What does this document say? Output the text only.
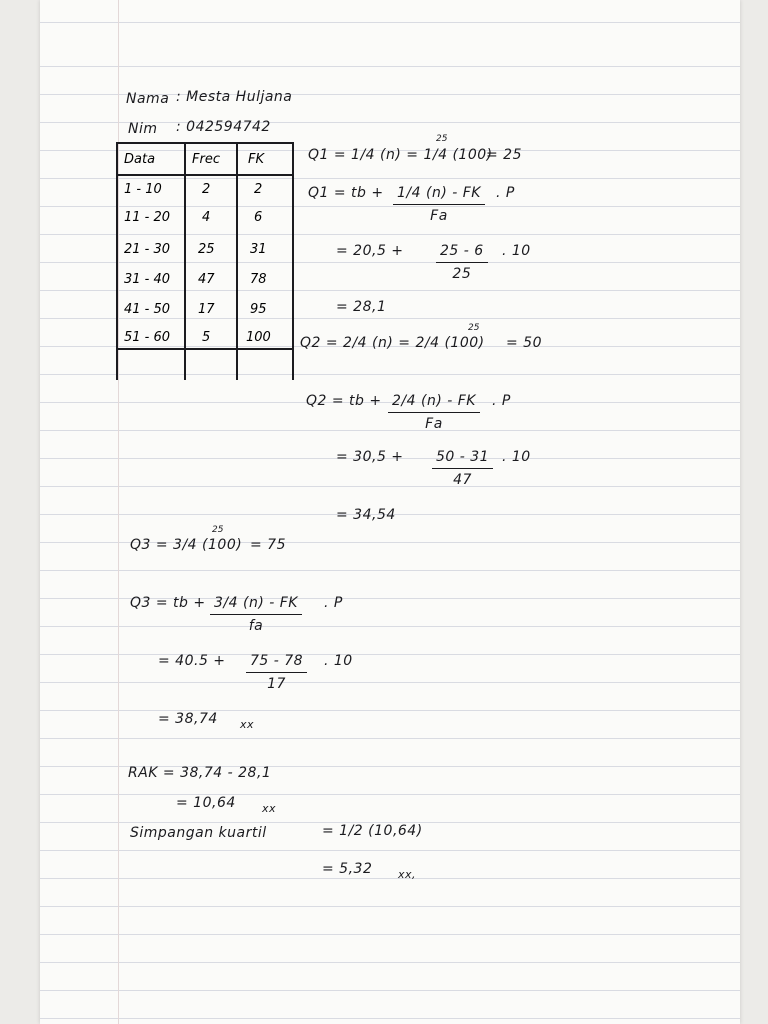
Nama : Mesta Huljana
Nim : 042594742
Data	Frec FK
1 - 10	2	2
11 - 20 4	6
21 - 30 25	31
31 - 40 47	78
41 - 50 17	95
51 - 60 5	100
Q1 = 1/4 (n) = 1/4 (100)
25
= 25
Q1 = tb + $\frac{1/4 (n) - FK}{Fa}$ . P
= $20,5 + \frac{25 - 6}{25}$ . 10
= 28,1
Q2 = 2/4 (n) = 2/4 (100)
25
= 50
Q2 = tb + $\frac{2/4 (n) - FK}{Fa}$ . P
= $30,5 + \frac{50 - 31}{47}$ . 10
= 34,54
Q3 = 3/4 (100)
25
= 75
Q3 = tb + $\frac{3/4 (n) - FK}{fa}$ . P
= $40.5 + \frac{75 - 78}{17}$ . 10
= 38,74 xx
RAK = 38,74 - 28,1
= 10,64 xx
Simpangan kuartil	= 1/2 (10,64)
= 5,32 xx,
